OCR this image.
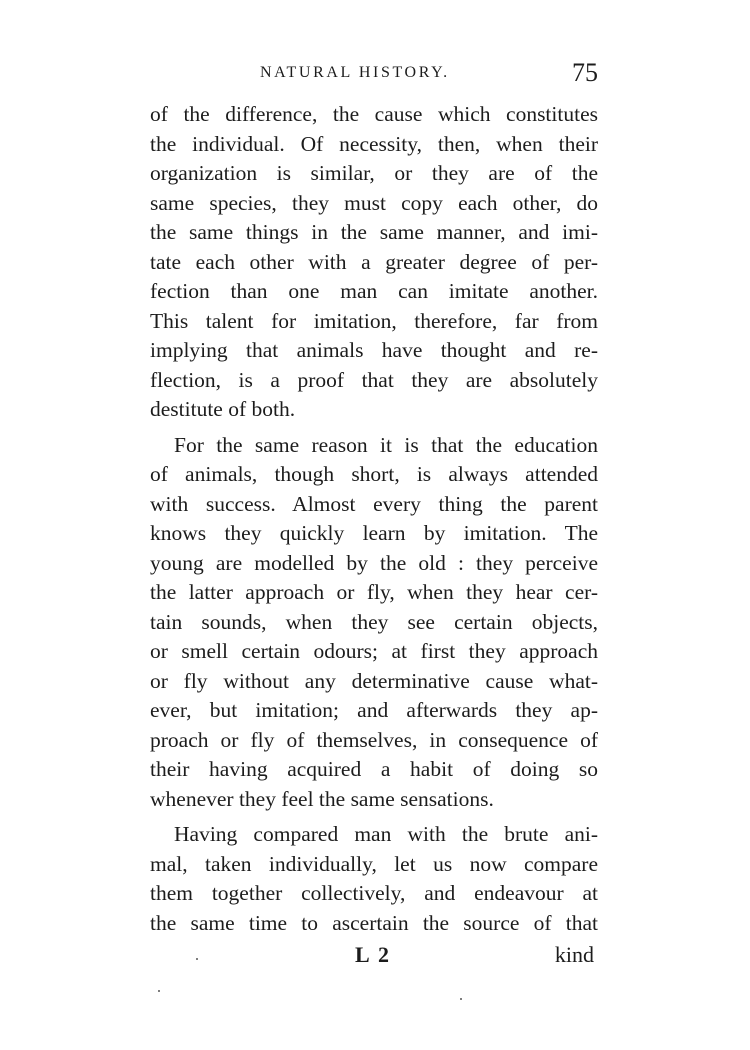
NATURAL HISTORY.	75
of the difference, the cause which constitutes
the individual. Of necessity, then, when their
organization is similar, or they are of the
same species, they must copy each other, do
the same things in the same manner, and imi-
tate each other with a greater degree of per-
fection than one man can imitate another.
This talent for imitation, therefore, far from
implying that animals have thought and re-
flection, is a proof that they are absolutely
destitute of both.
For the same reason it is that the education
of animals, though short, is always attended
with success. Almost every thing the parent
knows they quickly learn by imitation. The
young are modelled by the old : they perceive
the latter approach or fly, when they hear cer-
tain sounds, when they see certain objects,
or smell certain odours; at first they approach
or fly without any determinative cause what-
ever, but imitation; and afterwards they ap-
proach or fly of themselves, in consequence of
their having acquired a habit of doing so
whenever they feel the same sensations.
Having compared man with the brute ani-
mal, taken individually, let us now compare
them together collectively, and endeavour at
the same time to ascertain the source of that
L 2	kind
